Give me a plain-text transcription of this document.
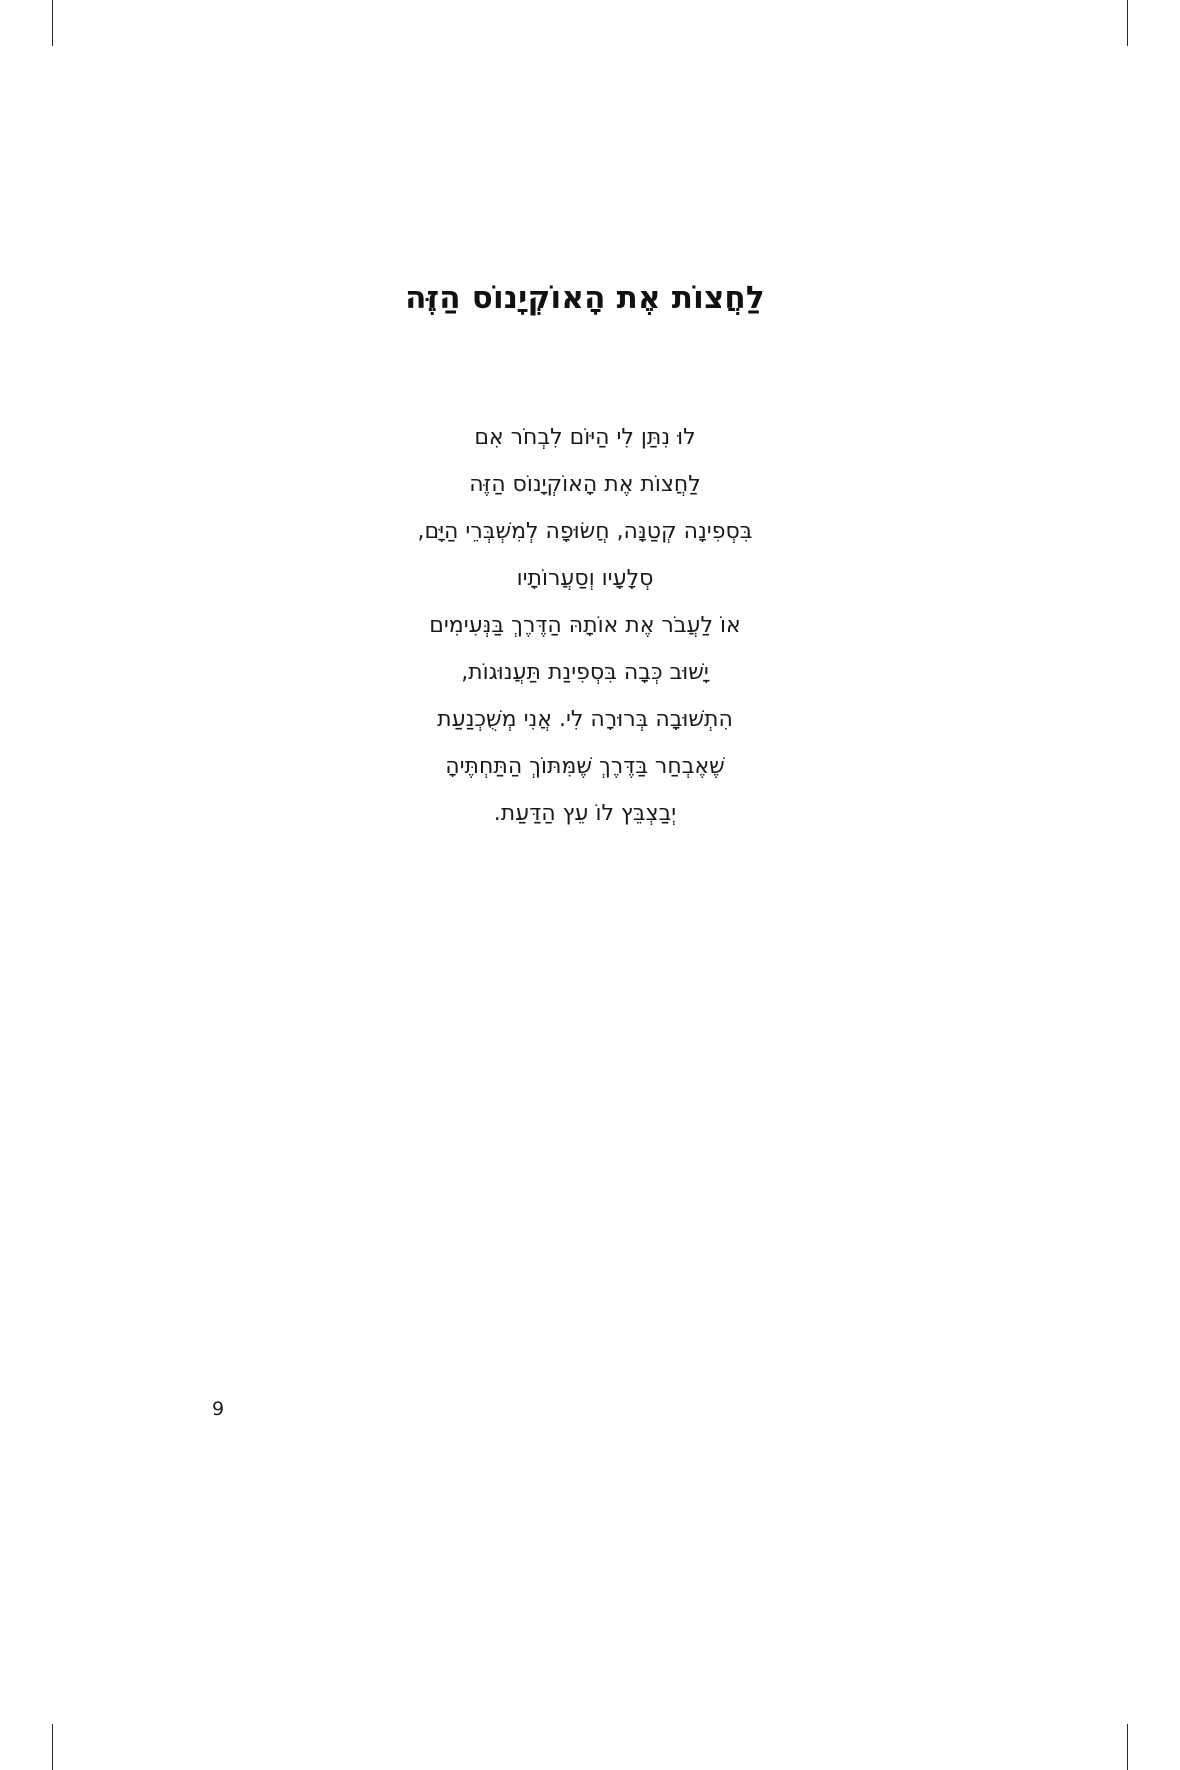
לַחֲצוֹת אֶת הָאוֹקְיָנוֹס הַזֶּה
לוּ נִתַּן לִי הַיּוֹם לִבְחֹר אִם
לַחֲצוֹת אֶת הָאוֹקְיָנוֹס הַזֶּה
בִּסְפִינָה קְטַנָּה, חֲשׂוּפָה לְמִשְׁבְּרֵי הַיָּם,
סְלָעָיו וְסַעֲרוֹתָיו
אוֹ לַעֲבֹר אֶת אוֹתָהּ הַדֶּרֶךְ בַּנְּעִימִים
יָשׁוּב כְּבָה בִּסְפִינַת תַּעֲנוּגוֹת,
הִתְשׁוּבָה בְּרוּרָה לִי. אֲנִי מְשֻׁכְנַעַת
שֶׁאֶבְחַר בַּדֶּרֶךְ שֶׁמִּתּוֹךְ הַתַּחְתֶּיהָ
יְבַצְבֵּץ לוֹ עֵץ הַדַּעַת.
9
